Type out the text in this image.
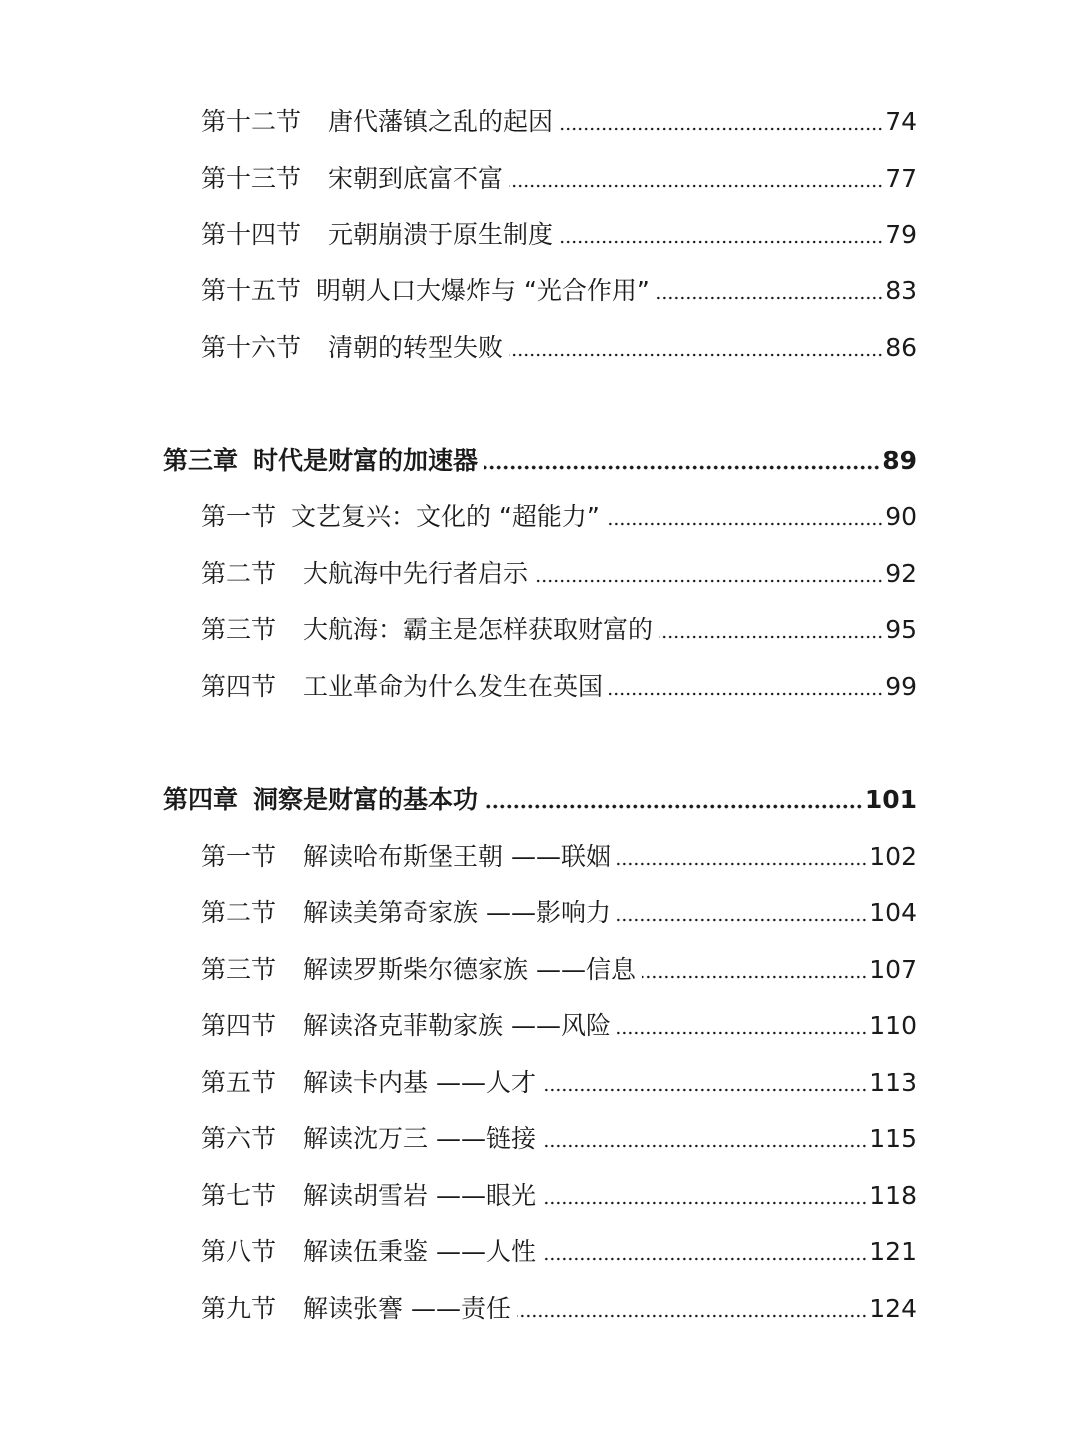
第十二节	唐代藩镇之乱的起因	74
第十三节	宋朝到底富不富	77
第十四节	元朝崩溃于原生制度	79
第十五节 明朝人口大爆炸与 “光合作用”	83
第十六节	清朝的转型失败	86
第三章 时代是财富的加速器	89
第一节 文艺复兴：文化的 “超能力”	90
第二节	大航海中先行者启示	92
第三节	大航海：霸主是怎样获取财富的	95
第四节	工业革命为什么发生在英国	99
第四章 洞察是财富的基本功	101
第一节	解读哈布斯堡王朝 ——联姻	102
第二节	解读美第奇家族 ——影响力	104
第三节	解读罗斯柴尔德家族 ——信息	107
第四节	解读洛克菲勒家族 ——风险	110
第五节	解读卡内基 ——人才	113
第六节	解读沈万三 ——链接	115
第七节	解读胡雪岩 ——眼光	118
第八节	解读伍秉鉴 ——人性	121
第九节	解读张謇 ——责任	124
